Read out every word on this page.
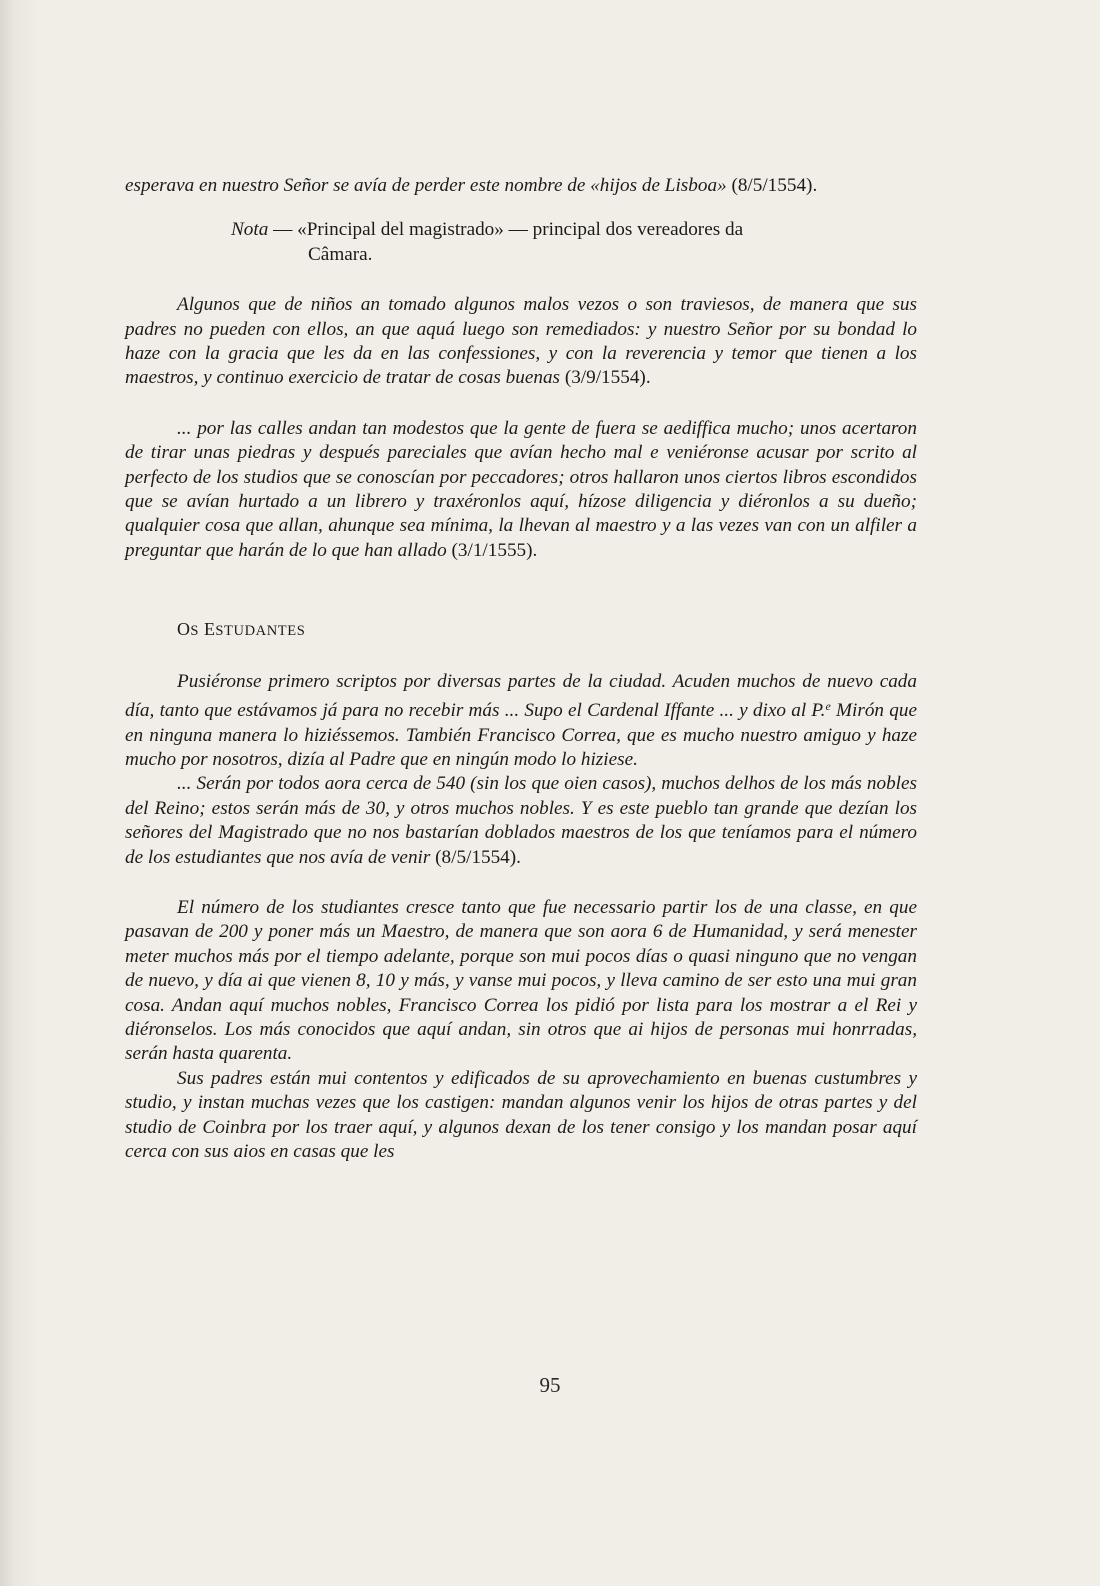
esperava en nuestro Señor se avía de perder este nombre de «hijos de Lisboa» (8/5/1554).

Nota — «Principal del magistrado» — principal dos vereadores da
Câmara.

Algunos que de niños an tomado algunos malos vezos o son traviesos, de manera que sus padres no pueden con ellos, an que aquá luego son remediados: y nuestro Señor por su bondad lo haze con la gracia que les da en las confessiones, y con la reverencia y temor que tienen a los maestros, y continuo exercicio de tratar de cosas buenas (3/9/1554).

... por las calles andan tan modestos que la gente de fuera se aediffica mucho; unos acertaron de tirar unas piedras y después pareciales que avían hecho mal e veniéronse acusar por scrito al perfecto de los studios que se conoscían por peccadores; otros hallaron unos ciertos libros escondidos que se avían hurtado a un librero y traxéronlos aquí, hízose diligencia y diéronlos a su dueño; qualquier cosa que allan, ahunque sea mínima, la lhevan al maestro y a las vezes van con un alfiler a preguntar que harán de lo que han allado (3/1/1555).

OS ESTUDANTES

Pusiéronse primero scriptos por diversas partes de la ciudad. Acuden muchos de nuevo cada día, tanto que estávamos já para no recebir más ... Supo el Cardenal Iffante ... y dixo al P.$^e$ Mirón que en ninguna manera lo hiziéssemos. También Francisco Correa, que es mucho nuestro amiguo y haze mucho por nosotros, dizía al Padre que en ningún modo lo hiziese.

... Serán por todos aora cerca de 540 (sin los que oien casos), muchos delhos de los más nobles del Reino; estos serán más de 30, y otros muchos nobles. Y es este pueblo tan grande que dezían los señores del Magistrado que no nos bastarían doblados maestros de los que teníamos para el número de los estudiantes que nos avía de venir (8/5/1554).

El número de los studiantes cresce tanto que fue necessario partir los de una classe, en que pasavan de 200 y poner más un Maestro, de manera que son aora 6 de Humanidad, y será menester meter muchos más por el tiempo adelante, porque son mui pocos días o quasi ninguno que no vengan de nuevo, y día ai que vienen 8, 10 y más, y vanse mui pocos, y lleva camino de ser esto una mui gran cosa. Andan aquí muchos nobles, Francisco Correa los pidió por lista para los mostrar a el Rei y diéronselos. Los más conocidos que aquí andan, sin otros que ai hijos de personas mui honrradas, serán hasta quarenta.

Sus padres están mui contentos y edificados de su aprovechamiento en buenas custumbres y studio, y instan muchas vezes que los castigen: mandan algunos venir los hijos de otras partes y del studio de Coinbra por los traer aquí, y algunos dexan de los tener consigo y los mandan posar aquí cerca con sus aios en casas que les

95
